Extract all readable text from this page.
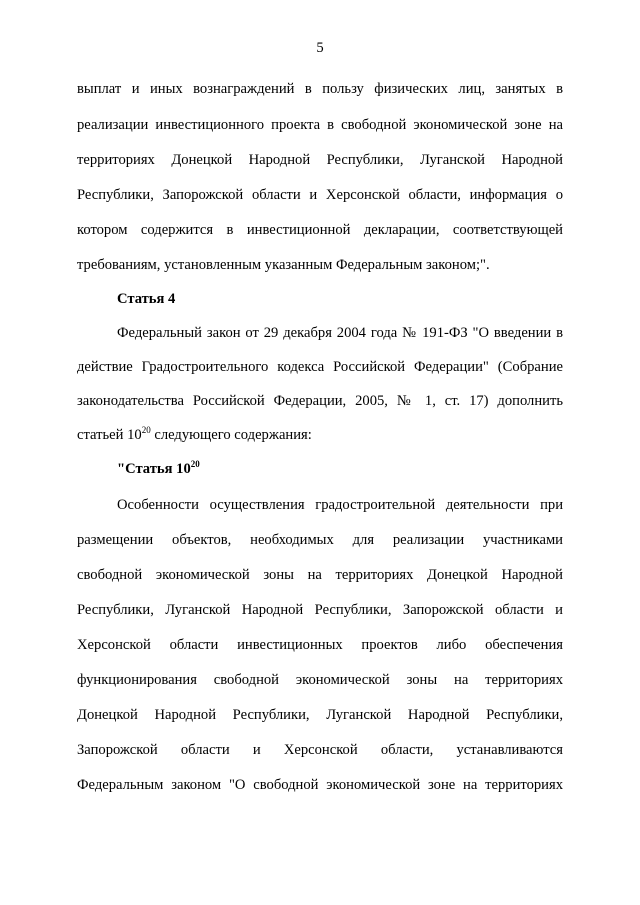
5
выплат и иных вознаграждений в пользу физических лиц, занятых в
реализации инвестиционного проекта в свободной экономической зоне на
территориях Донецкой Народной Республики, Луганской Народной
Республики, Запорожской области и Херсонской области, информация о
котором содержится в инвестиционной декларации, соответствующей
требованиям, установленным указанным Федеральным законом;".
Статья 4
Федеральный закон от 29 декабря 2004 года № 191-ФЗ "О введении в
действие Градостроительного кодекса Российской Федерации" (Собрание
законодательства Российской Федерации, 2005, № 1, ст. 17) дополнить
статьей $10^{20}$ следующего содержания:
"Статья $10^{20}$
Особенности осуществления градостроительной деятельности при
размещении объектов, необходимых для реализации участниками
свободной экономической зоны на территориях Донецкой Народной
Республики, Луганской Народной Республики, Запорожской области и
Херсонской области инвестиционных проектов либо обеспечения
функционирования свободной экономической зоны на территориях
Донецкой Народной Республики, Луганской Народной Республики,
Запорожской области и Херсонской области, устанавливаются
Федеральным законом "О свободной экономической зоне на территориях
